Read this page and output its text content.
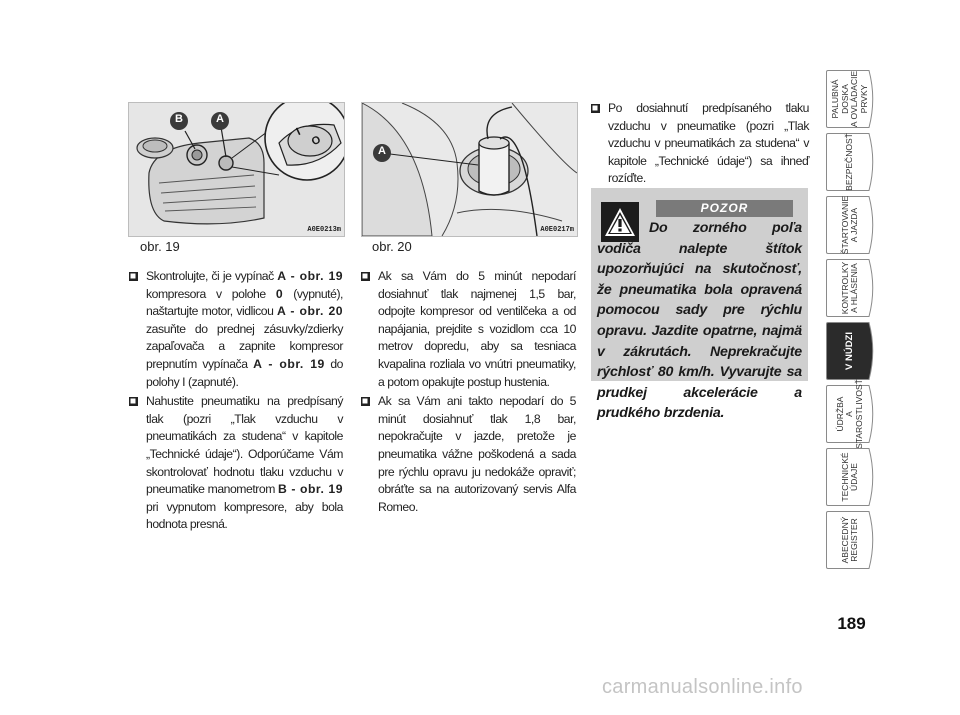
B	A
I
O
A0E0213m
obr. 19
A
A0E0217m
obr. 20
Skontrolujte, či je vypínač A - obr. 19 kompresora v polohe 0 (vypnuté), naštartujte motor, vidlicou A - obr. 20 zasuňte do prednej zásuvky/zdierky zapaľovača a zapnite kompresor prepnutím vypínača A - obr. 19 do polohy I (zapnuté).
Nahustite pneumatiku na predpísaný tlak (pozri „Tlak vzduchu v pneumatikách za studena“ v kapitole „Technické údaje“). Odporúčame Vám skontrolovať hodnotu tlaku vzduchu v pneumatike manometrom B - obr. 19 pri vypnutom kompresore, aby bola hodnota presná.
Ak sa Vám do 5 minút nepodarí dosiahnuť tlak najmenej 1,5 bar, odpojte kompresor od ventilčeka a od napájania, prejdite s vozidlom cca 10 metrov dopredu, aby sa tesniaca kvapalina rozliala vo vnútri pneumatiky, a potom opakujte postup hustenia.
Ak sa Vám ani takto nepodarí do 5 minút dosiahnuť tlak 1,8 bar, nepokračujte v jazde, pretože je pneumatika vážne poškodená a sada pre rýchlu opravu ju nedokáže opraviť; obráťte sa na autorizovaný servis Alfa Romeo.
Po dosiahnutí predpísaného tlaku vzduchu v pneumatike (pozri „Tlak vzduchu v pneumatikách za studena“ v kapitole „Technické údaje“) sa ihneď rozíďte.
POZOR
Do zorného poľa vodiča nalepte štítok upozorňujúci na skutočnosť, že pneumatika bola opravená pomocou sady pre rýchlu opravu. Jazdite opatrne, najmä v zákrutách. Neprekračujte rýchlosť 80 km/h. Vyvarujte sa prudkej akcelerácie a prudkého brzdenia.
PALUBNÁ DOSKA A OVLÁDACIE PRVKY
BEZPEČNOSŤ
ŠTARTOVANIE A JAZDA
KONTROLKY A HLÁSENIA
V NÚDZI
ÚDRŽBA A STAROSTLIVOSŤ
TECHNICKÉ ÚDAJE
ABECEDNÝ REGISTER
189
carmanualsonline.info
